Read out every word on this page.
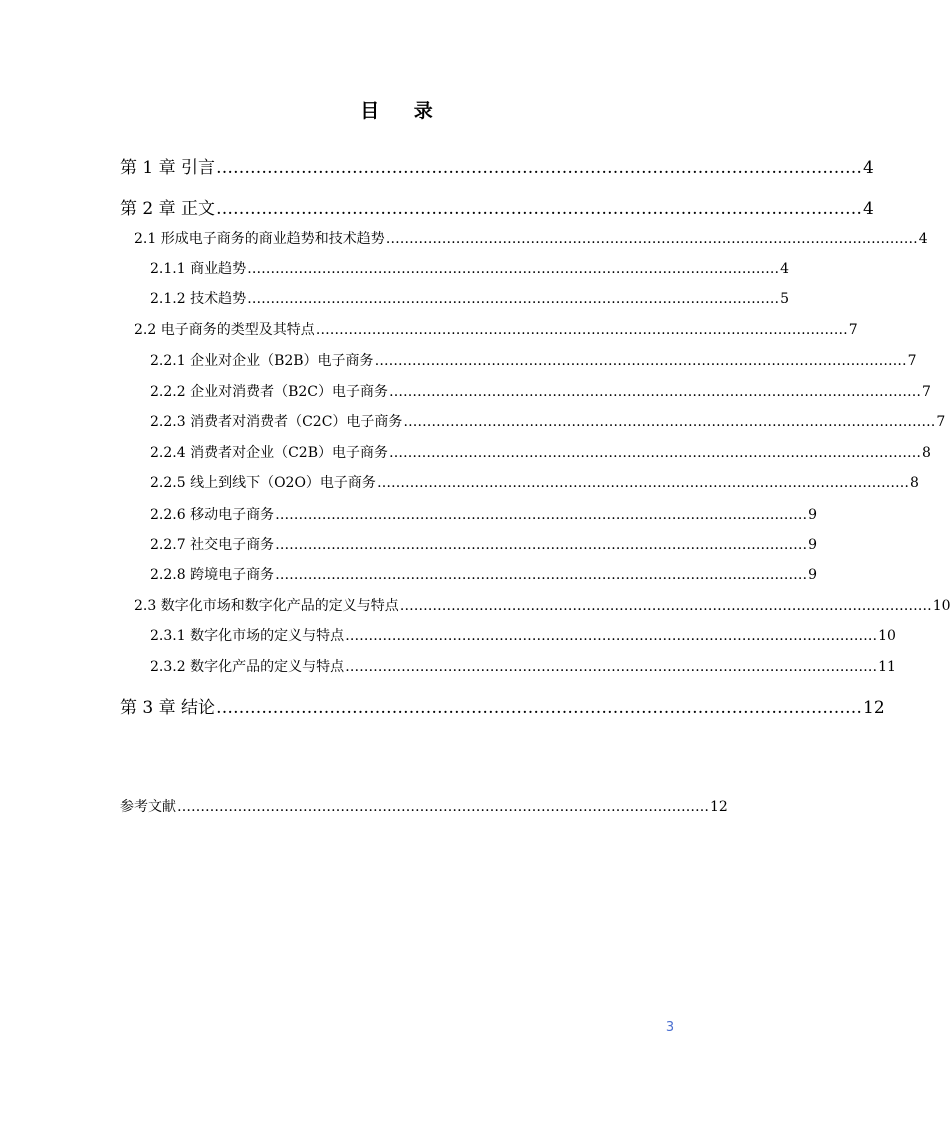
目 录
第 1 章 引言 …………………………………………………………………………………………………… 4
第 2 章 正文 …………………………………………………………………………………………………… 4
2.1 形成电子商务的商业趋势和技术趋势 …………………………………………………………………………………………………… 4
2.1.1 商业趋势 …………………………………………………………………………………………………… 4
2.1.2 技术趋势 …………………………………………………………………………………………………… 5
2.2 电子商务的类型及其特点 …………………………………………………………………………………………………… 7
2.2.1 企业对企业（B2B）电子商务 …………………………………………………………………………………………………… 7
2.2.2 企业对消费者（B2C）电子商务 …………………………………………………………………………………………………… 7
2.2.3 消费者对消费者（C2C）电子商务 …………………………………………………………………………………………………… 7
2.2.4 消费者对企业（C2B）电子商务 …………………………………………………………………………………………………… 8
2.2.5 线上到线下（O2O）电子商务 …………………………………………………………………………………………………… 8
2.2.6 移动电子商务 …………………………………………………………………………………………………… 9
2.2.7 社交电子商务 …………………………………………………………………………………………………… 9
2.2.8 跨境电子商务 …………………………………………………………………………………………………… 9
2.3 数字化市场和数字化产品的定义与特点 …………………………………………………………………………………………………… 10
2.3.1 数字化市场的定义与特点 …………………………………………………………………………………………………… 10
2.3.2 数字化产品的定义与特点 …………………………………………………………………………………………………… 11
第 3 章 结论 …………………………………………………………………………………………………… 12
参考文献 …………………………………………………………………………………………………… 12
3
